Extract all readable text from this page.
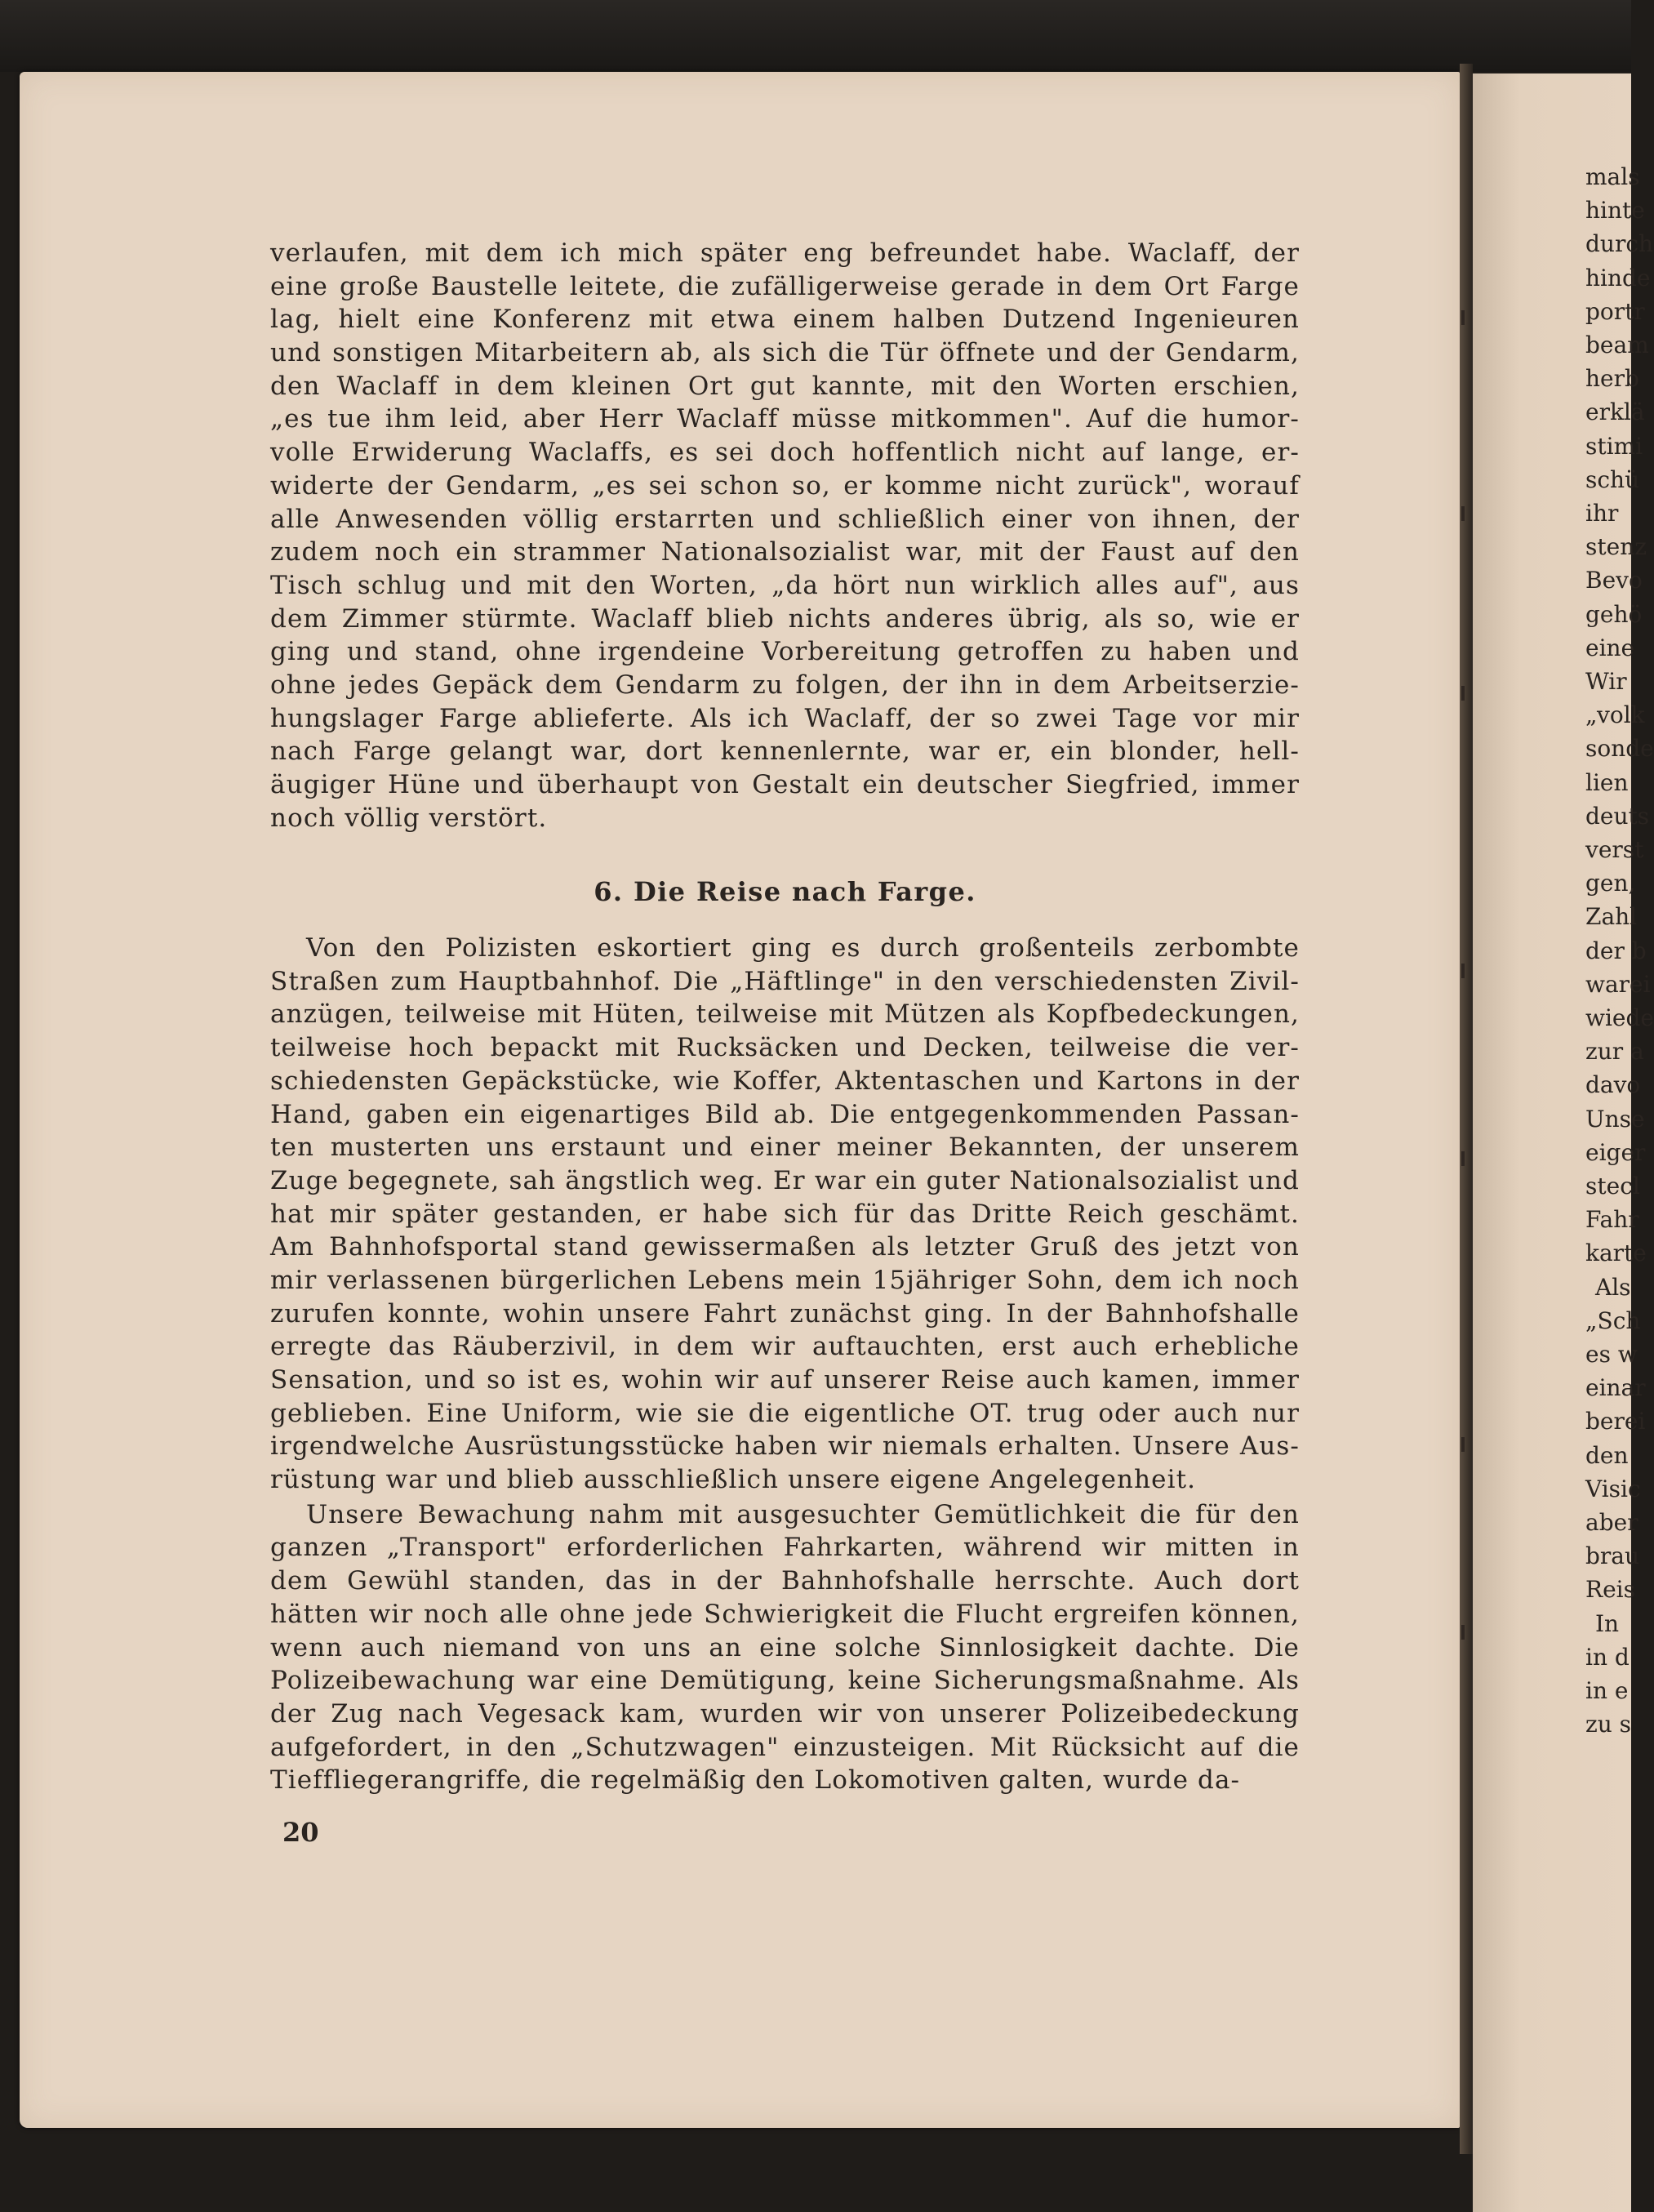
mals
hinte
durch
hinde
portr
beam
herb
erklä
stimi
schü
ihr
stenz
Bevo
gehö
eine
Wir
„volk
sonde
lien
deuts
verst
gen,
Zahl
der b
warei
wiede
zur a
davo
Unse
eiger
stecl
Fahr
karte
Als
„Sch
es w
einar
berei
den
Visic
aber
brau
Reis
In
in d
in e
zu s
verlaufen, mit dem ich mich später eng befreundet habe. Waclaff, der
eine große Baustelle leitete, die zufälligerweise gerade in dem Ort Farge
lag, hielt eine Konferenz mit etwa einem halben Dutzend Ingenieuren
und sonstigen Mitarbeitern ab, als sich die Tür öffnete und der Gendarm,
den Waclaff in dem kleinen Ort gut kannte, mit den Worten erschien,
„es tue ihm leid, aber Herr Waclaff müsse mitkommen". Auf die humor-
volle Erwiderung Waclaffs, es sei doch hoffentlich nicht auf lange, er-
widerte der Gendarm, „es sei schon so, er komme nicht zurück", worauf
alle Anwesenden völlig erstarrten und schließlich einer von ihnen, der
zudem noch ein strammer Nationalsozialist war, mit der Faust auf den
Tisch schlug und mit den Worten, „da hört nun wirklich alles auf", aus
dem Zimmer stürmte. Waclaff blieb nichts anderes übrig, als so, wie er
ging und stand, ohne irgendeine Vorbereitung getroffen zu haben und
ohne jedes Gepäck dem Gendarm zu folgen, der ihn in dem Arbeitserzie-
hungslager Farge ablieferte. Als ich Waclaff, der so zwei Tage vor mir
nach Farge gelangt war, dort kennenlernte, war er, ein blonder, hell-
äugiger Hüne und überhaupt von Gestalt ein deutscher Siegfried, immer
noch völlig verstört.
6. Die Reise nach Farge.
Von den Polizisten eskortiert ging es durch großenteils zerbombte
Straßen zum Hauptbahnhof. Die „Häftlinge" in den verschiedensten Zivil-
anzügen, teilweise mit Hüten, teilweise mit Mützen als Kopfbedeckungen,
teilweise hoch bepackt mit Rucksäcken und Decken, teilweise die ver-
schiedensten Gepäckstücke, wie Koffer, Aktentaschen und Kartons in der
Hand, gaben ein eigenartiges Bild ab. Die entgegenkommenden Passan-
ten musterten uns erstaunt und einer meiner Bekannten, der unserem
Zuge begegnete, sah ängstlich weg. Er war ein guter Nationalsozialist und
hat mir später gestanden, er habe sich für das Dritte Reich geschämt.
Am Bahnhofsportal stand gewissermaßen als letzter Gruß des jetzt von
mir verlassenen bürgerlichen Lebens mein 15jähriger Sohn, dem ich noch
zurufen konnte, wohin unsere Fahrt zunächst ging. In der Bahnhofshalle
erregte das Räuberzivil, in dem wir auftauchten, erst auch erhebliche
Sensation, und so ist es, wohin wir auf unserer Reise auch kamen, immer
geblieben. Eine Uniform, wie sie die eigentliche OT. trug oder auch nur
irgendwelche Ausrüstungsstücke haben wir niemals erhalten. Unsere Aus-
rüstung war und blieb ausschließlich unsere eigene Angelegenheit.
Unsere Bewachung nahm mit ausgesuchter Gemütlichkeit die für den
ganzen „Transport" erforderlichen Fahrkarten, während wir mitten in
dem Gewühl standen, das in der Bahnhofshalle herrschte. Auch dort
hätten wir noch alle ohne jede Schwierigkeit die Flucht ergreifen können,
wenn auch niemand von uns an eine solche Sinnlosigkeit dachte. Die
Polizeibewachung war eine Demütigung, keine Sicherungsmaßnahme. Als
der Zug nach Vegesack kam, wurden wir von unserer Polizeibedeckung
aufgefordert, in den „Schutzwagen" einzusteigen. Mit Rücksicht auf die
Tieffliegerangriffe, die regelmäßig den Lokomotiven galten, wurde da-
20
